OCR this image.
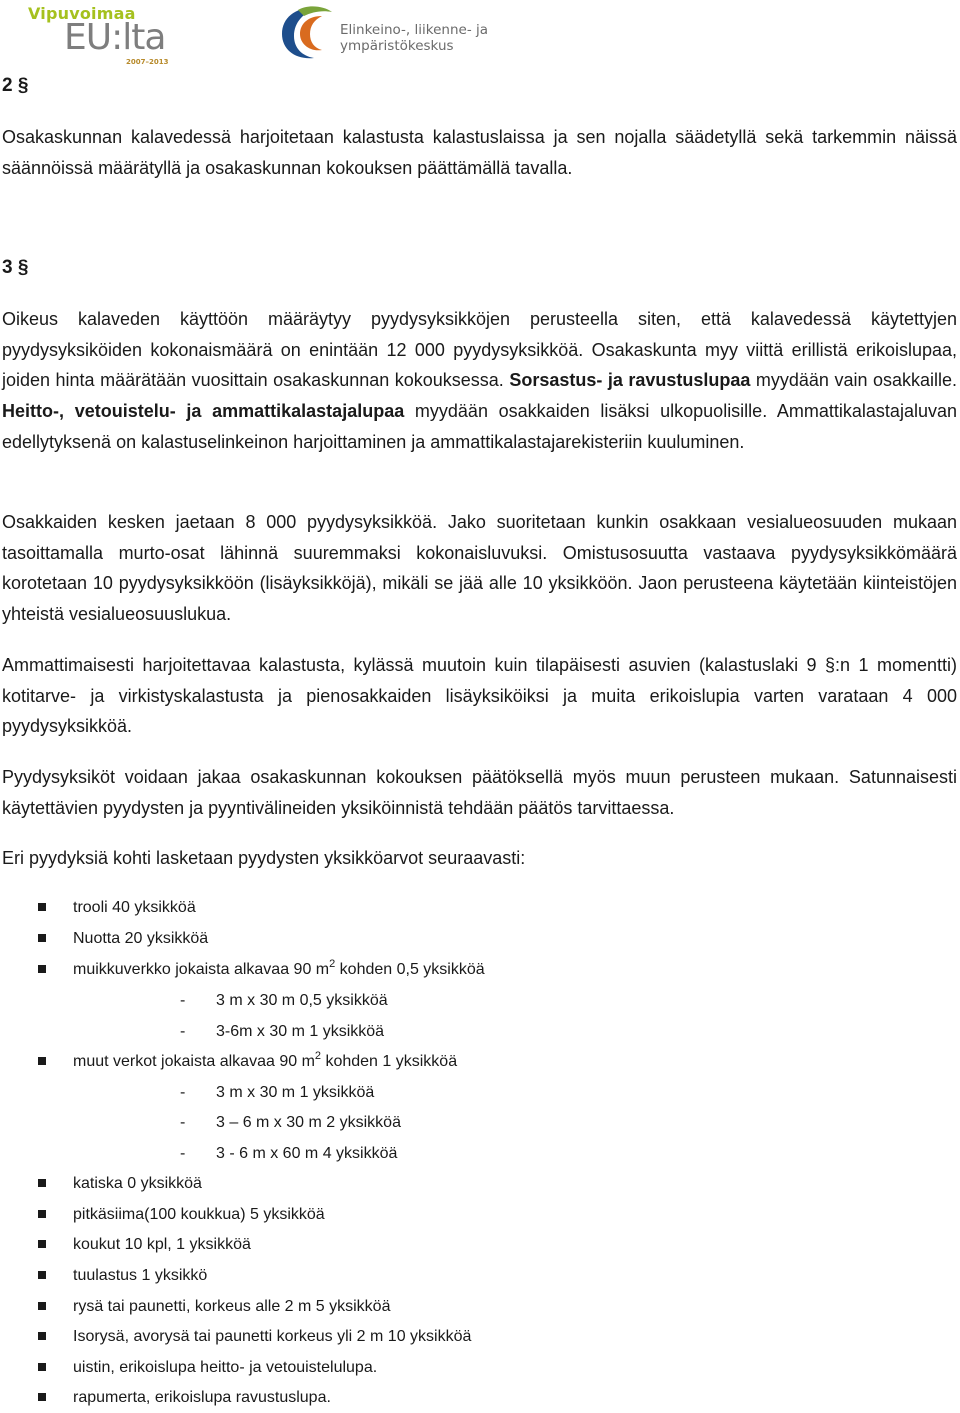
Vipuvoimaa
EU:lta
2007–2013
Elinkeino-, liikenne- ja
ympäristökeskus
2 §

Osakaskunnan kalavedessä harjoitetaan kalastusta kalastuslaissa ja sen nojalla säädetyllä sekä tarkemmin näissä säännöissä määrätyllä ja osakaskunnan kokouksen päättämällä tavalla.

3 §

Oikeus kalaveden käyttöön määräytyy pyydysyksikköjen perusteella siten, että kalavedessä käytettyjen pyydysyksiköiden kokonaismäärä on enintään 12 000 pyydysyksikköä. Osakaskunta myy viittä erillistä erikoislupaa, joiden hinta määrätään vuosittain osakaskunnan kokouksessa. Sorsastus- ja ravustuslupaa myydään vain osakkaille. Heitto-, vetouistelu- ja ammattikalastajalupaa myydään osakkaiden lisäksi ulkopuolisille. Ammattikalastajaluvan edellytyksenä on kalastuselinkeinon harjoittaminen ja ammattikalastajarekisteriin kuuluminen.

Osakkaiden kesken jaetaan 8 000 pyydysyksikköä. Jako suoritetaan kunkin osakkaan vesialueosuuden mukaan tasoittamalla murto-osat lähinnä suuremmaksi kokonaisluvuksi. Omistusosuutta vastaava pyydysyksikkömäärä korotetaan 10 pyydysyksikköön (lisäyksikköjä), mikäli se jää alle 10 yksikköön. Jaon perusteena käytetään kiinteistöjen yhteistä vesialueosuuslukua.

Ammattimaisesti harjoitettavaa kalastusta, kylässä muutoin kuin tilapäisesti asuvien (kalastuslaki 9 §:n 1 momentti) kotitarve- ja virkistyskalastusta ja pienosakkaiden lisäyksiköiksi ja muita erikoislupia varten varataan 4 000 pyydysyksikköä.

Pyydysyksiköt voidaan jakaa osakaskunnan kokouksen päätöksellä myös muun perusteen mukaan. Satunnaisesti käytettävien pyydysten ja pyyntivälineiden yksiköinnistä tehdään päätös tarvittaessa.

Eri pyydyksiä kohti lasketaan pyydysten yksikköarvot seuraavasti:

trooli 40 yksikköä
Nuotta 20 yksikköä
muikkuverkko jokaista alkavaa 90 $m^2$ kohden 0,5 yksikköä
- 3 m x 30 m 0,5 yksikköä
- 3-6m x 30 m 1 yksikköä
muut verkot jokaista alkavaa 90 $m^2$ kohden 1 yksikköä
- 3 m x 30 m 1 yksikköä
- 3 – 6 m x 30 m 2 yksikköä
- 3 - 6 m x 60 m 4 yksikköä
katiska 0 yksikköä
pitkäsiima(100 koukkua) 5 yksikköä
koukut 10 kpl, 1 yksikköä
tuulastus 1 yksikkö
rysä tai paunetti, korkeus alle 2 m 5 yksikköä
Isorysä, avorysä tai paunetti korkeus yli 2 m 10 yksikköä
uistin, erikoislupa heitto- ja vetouistelulupa.
rapumerta, erikoislupa ravustuslupa.
